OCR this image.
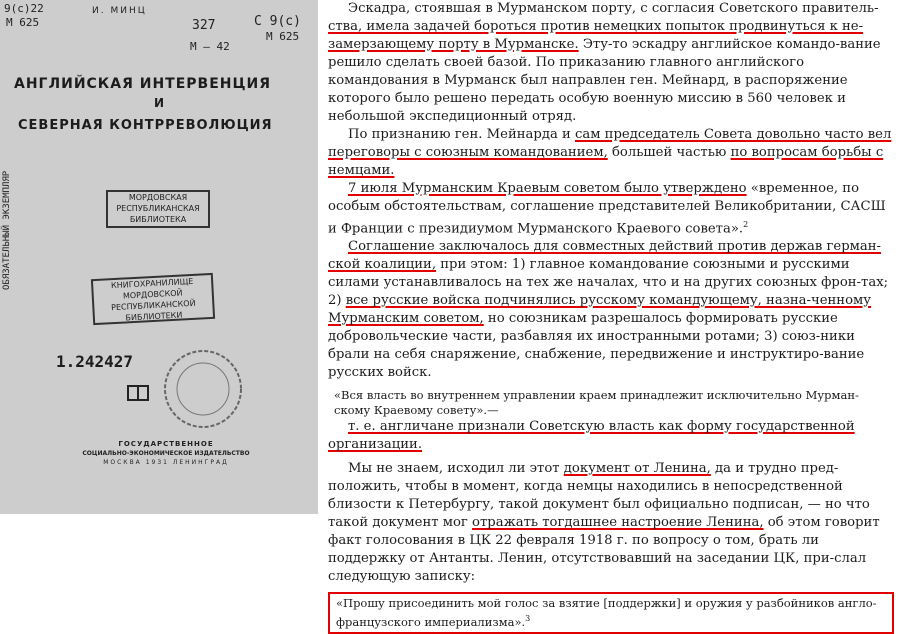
9(с)22
M 625
И. МИНЦ
327
М – 42
С 9(с)
М 625
АНГЛИЙСКАЯ ИНТЕРВЕНЦИЯ
И
СЕВЕРНАЯ КОНТРРЕВОЛЮЦИЯ
МОРДОВСКАЯ РЕСПУБЛИКАНСКАЯ БИБЛИОТЕКА
КНИГОХРАНИЛИЩЕ МОРДОВСКОЙ РЕСПУБЛИКАНСКОЙ БИБЛИОТЕКИ
ОБЯЗАТЕЛЬНЫЙ ЭКЗЕМПЛЯР
1.242427
ГОСУДАРСТВЕННОЕ
СОЦИАЛЬНО-ЭКОНОМИЧЕСКОЕ ИЗДАТЕЛЬСТВО
МОСКВА 1931 ЛЕНИНГРАД

Эскадра, стоявшая в Мурманском порту, с согласия Советского правитель- ства, имела задачей бороться против немецких попыток продвинуться к не- замерзающему порту в Мурманске. Эту-то эскадру английское командо-вание решило сделать своей базой. По приказанию главного английского командования в Мурманск был направлен ген. Мейнард, в распоряжение которого было решено передать особую военную миссию в 560 человек и небольшой экспедиционный отряд.

По признанию ген. Мейнарда и сам председатель Совета довольно часто вел переговоры с союзным командованием, большей частью по вопросам борьбы с немцами.

7 июля Мурманским Краевым советом было утверждено «временное, по особым обстоятельствам, соглашение представителей Великобритании, САСШ и Франции с президиумом Мурманского Краевого совета».$^2$

Соглашение заключалось для совместных действий против держав герман-ской коалиции, при этом: 1) главное командование союзными и русскими силами устанавливалось на тех же началах, что и на других союзных фрон-тах; 2) все русские войска подчинялись русскому командующему, назна-ченному Мурманским советом, но союзникам разрешалось формировать русские добровольческие части, разбавляя их иностранными ротами; 3) союз-ники брали на себя снаряжение, снабжение, передвижение и инструктиро-вание русских войск.

«Вся власть во внутреннем управлении краем принадлежит исключительно Мурман-скому Краевому совету».—

т. е. англичане признали Советскую власть как форму государственной организации.

Мы не знаем, исходил ли этот документ от Ленина, да и трудно пред-положить, чтобы в момент, когда немцы находились в непосредственной близости к Петербургу, такой документ был официально подписан, — но что такой документ мог отражать тогдашнее настроение Ленина, об этом говорит факт голосования в ЦК 22 февраля 1918 г. по вопросу о том, брать ли поддержку от Антанты. Ленин, отсутствовавший на заседании ЦК, при-слал следующую записку:

«Прошу присоединить мой голос за взятие [поддержки] и оружия у разбойников англо-французского империализма».$^3$
